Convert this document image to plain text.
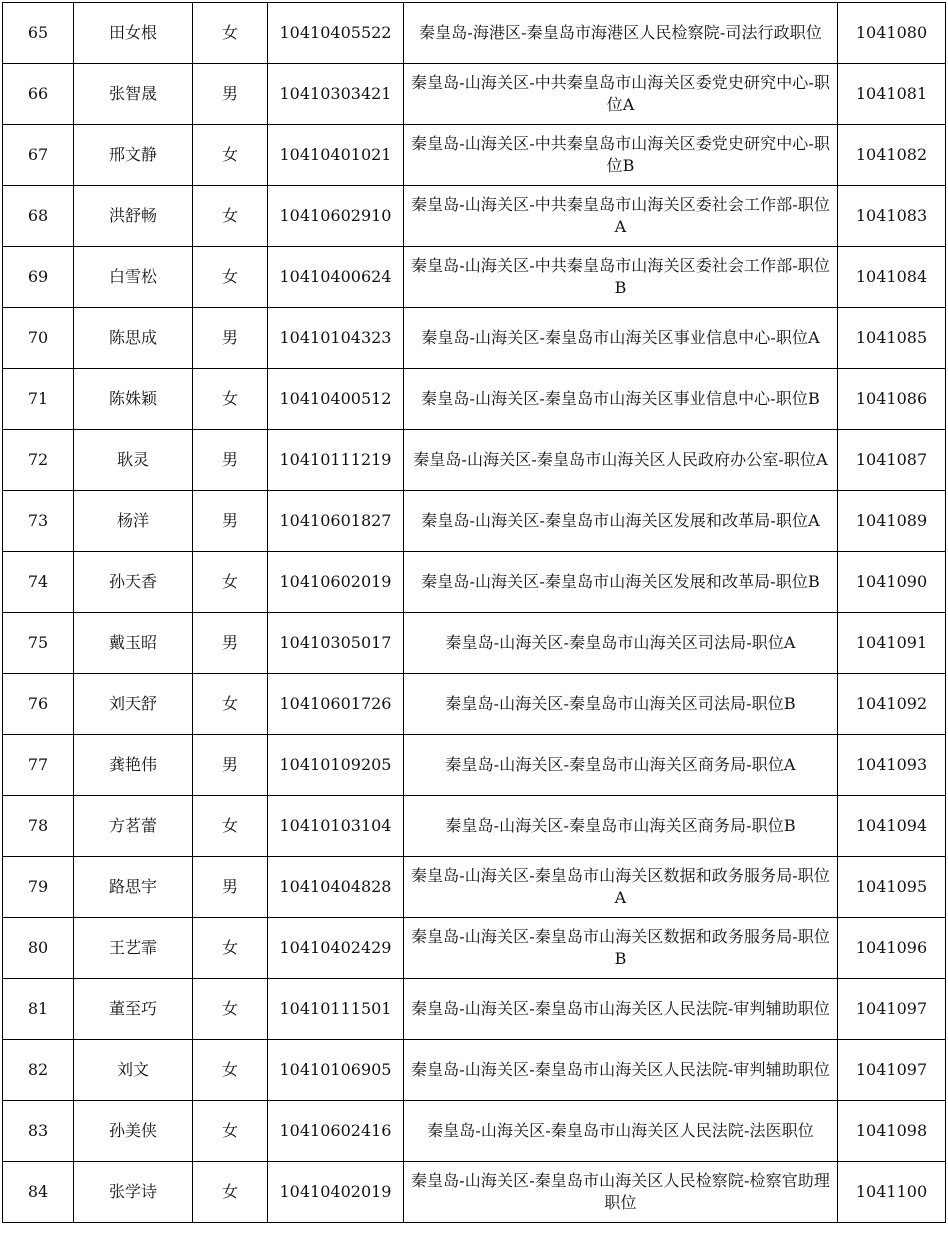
65	田女根	女	10410405522	秦皇岛-海港区-秦皇岛市海港区人民检察院-司法行政职位	1041080
66	张智晟	男	10410303421	秦皇岛-山海关区-中共秦皇岛市山海关区委党史研究中心-职位A	1041081
67	邢文静	女	10410401021	秦皇岛-山海关区-中共秦皇岛市山海关区委党史研究中心-职位B	1041082
68	洪舒畅	女	10410602910	秦皇岛-山海关区-中共秦皇岛市山海关区委社会工作部-职位A	1041083
69	白雪松	女	10410400624	秦皇岛-山海关区-中共秦皇岛市山海关区委社会工作部-职位B	1041084
70	陈思成	男	10410104323	秦皇岛-山海关区-秦皇岛市山海关区事业信息中心-职位A	1041085
71	陈姝颖	女	10410400512	秦皇岛-山海关区-秦皇岛市山海关区事业信息中心-职位B	1041086
72	耿灵	男	10410111219	秦皇岛-山海关区-秦皇岛市山海关区人民政府办公室-职位A	1041087
73	杨洋	男	10410601827	秦皇岛-山海关区-秦皇岛市山海关区发展和改革局-职位A	1041089
74	孙天香	女	10410602019	秦皇岛-山海关区-秦皇岛市山海关区发展和改革局-职位B	1041090
75	戴玉昭	男	10410305017	秦皇岛-山海关区-秦皇岛市山海关区司法局-职位A	1041091
76	刘天舒	女	10410601726	秦皇岛-山海关区-秦皇岛市山海关区司法局-职位B	1041092
77	龚艳伟	男	10410109205	秦皇岛-山海关区-秦皇岛市山海关区商务局-职位A	1041093
78	方茗蕾	女	10410103104	秦皇岛-山海关区-秦皇岛市山海关区商务局-职位B	1041094
79	路思宇	男	10410404828	秦皇岛-山海关区-秦皇岛市山海关区数据和政务服务局-职位A	1041095
80	王艺霏	女	10410402429	秦皇岛-山海关区-秦皇岛市山海关区数据和政务服务局-职位B	1041096
81	董至巧	女	10410111501	秦皇岛-山海关区-秦皇岛市山海关区人民法院-审判辅助职位	1041097
82	刘文	女	10410106905	秦皇岛-山海关区-秦皇岛市山海关区人民法院-审判辅助职位	1041097
83	孙美侠	女	10410602416	秦皇岛-山海关区-秦皇岛市山海关区人民法院-法医职位	1041098
84	张学诗	女	10410402019	秦皇岛-山海关区-秦皇岛市山海关区人民检察院-检察官助理职位	1041100
